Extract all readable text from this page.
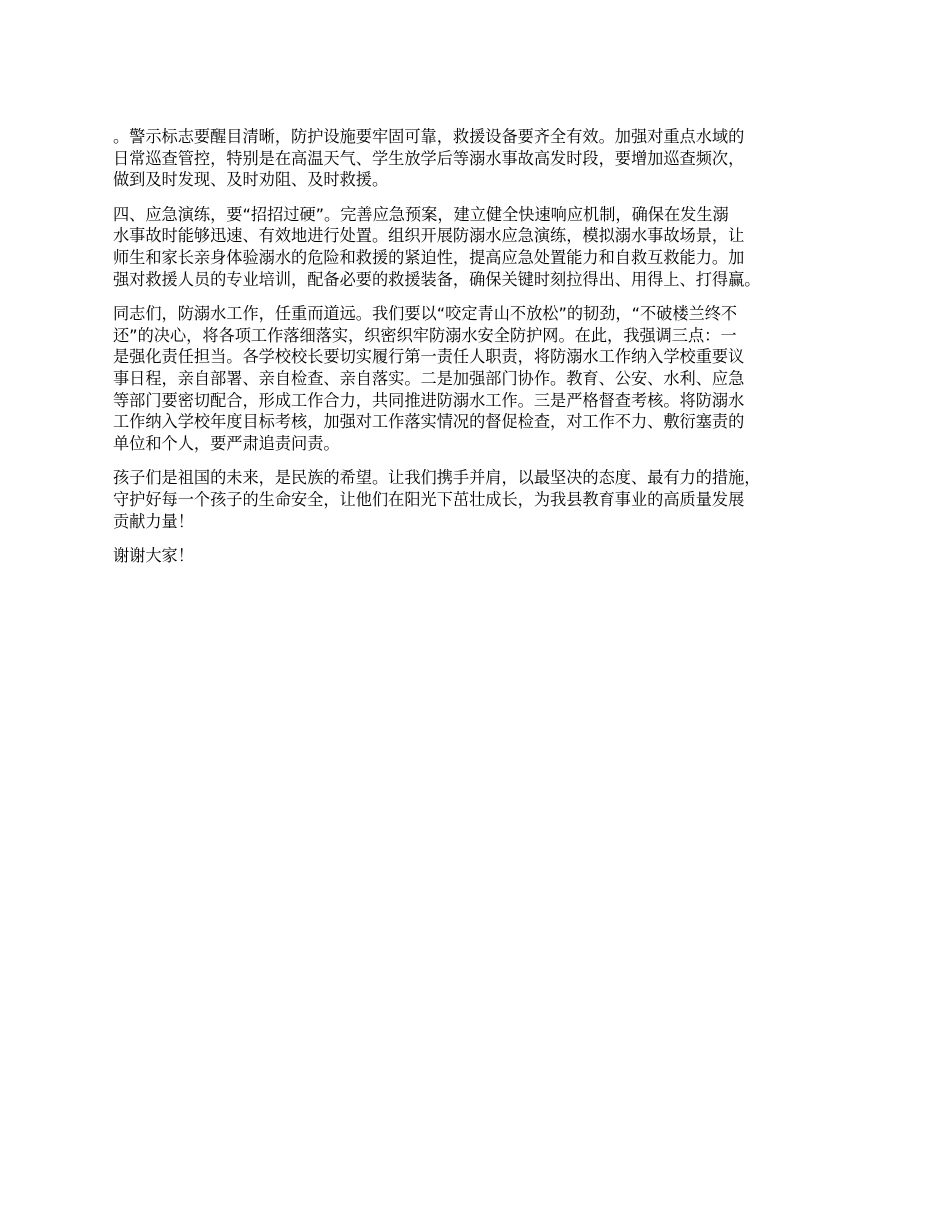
。警示标志要醒目清晰，防护设施要牢固可靠，救援设备要齐全有效。加强对重点水域的
日常巡查管控，特别是在高温天气、学生放学后等溺水事故高发时段，要增加巡查频次，
做到及时发现、及时劝阻、及时救援。

四、应急演练，要“招招过硬”。完善应急预案，建立健全快速响应机制，确保在发生溺
水事故时能够迅速、有效地进行处置。组织开展防溺水应急演练，模拟溺水事故场景，让
师生和家长亲身体验溺水的危险和救援的紧迫性，提高应急处置能力和自救互救能力。加
强对救援人员的专业培训，配备必要的救援装备，确保关键时刻拉得出、用得上、打得赢。

同志们，防溺水工作，任重而道远。我们要以“咬定青山不放松”的韧劲，“不破楼兰终不
还”的决心，将各项工作落细落实，织密织牢防溺水安全防护网。在此，我强调三点：一
是强化责任担当。各学校校长要切实履行第一责任人职责，将防溺水工作纳入学校重要议
事日程，亲自部署、亲自检查、亲自落实。二是加强部门协作。教育、公安、水利、应急
等部门要密切配合，形成工作合力，共同推进防溺水工作。三是严格督查考核。将防溺水
工作纳入学校年度目标考核，加强对工作落实情况的督促检查，对工作不力、敷衍塞责的
单位和个人，要严肃追责问责。

孩子们是祖国的未来，是民族的希望。让我们携手并肩，以最坚决的态度、最有力的措施，
守护好每一个孩子的生命安全，让他们在阳光下茁壮成长，为我县教育事业的高质量发展
贡献力量！

谢谢大家！
